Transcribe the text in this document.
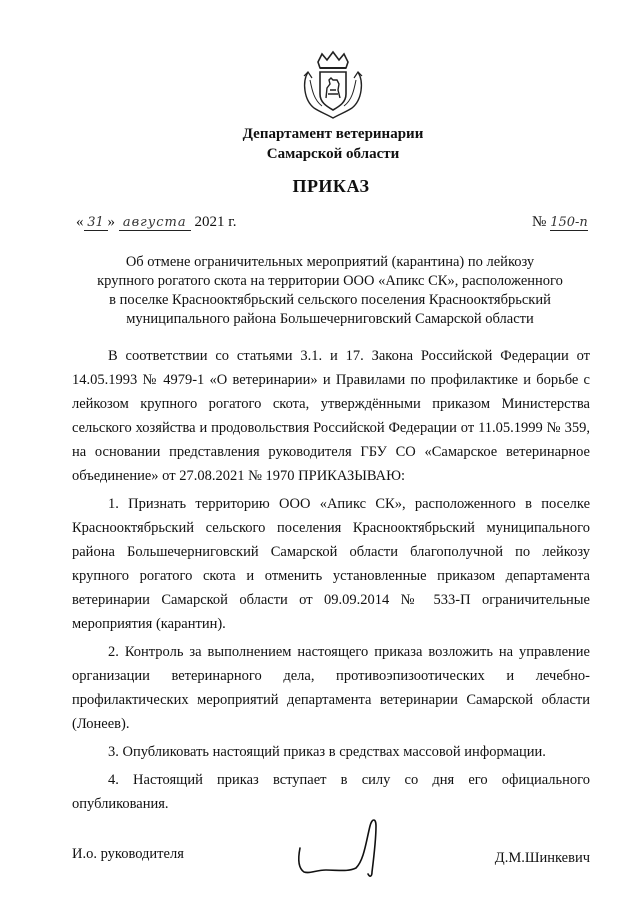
Департамент ветеринарии
Самарской области
ПРИКАЗ
« 31 » августа 2021 г.	№ 150-п
Об отмене ограничительных мероприятий (карантина) по лейкозу
крупного рогатого скота на территории ООО «Апикс СК», расположенного
в поселке Краснооктябрьский сельского поселения Краснооктябрьский
муниципального района Большечерниговский Самарской области

В соответствии со статьями 3.1. и 17. Закона Российской Федерации от 14.05.1993 № 4979-1 «О ветеринарии» и Правилами по профилактике и борьбе с лейкозом крупного рогатого скота, утверждёнными приказом Министерства сельского хозяйства и продовольствия Российской Федерации от 11.05.1999 № 359, на основании представления руководителя ГБУ СО «Самарское ветеринарное объединение» от 27.08.2021 № 1970 ПРИКАЗЫВАЮ:

1. Признать территорию ООО «Апикс СК», расположенного в поселке Краснооктябрьский сельского поселения Краснооктябрьский муниципального района Большечерниговский Самарской области благополучной по лейкозу крупного рогатого скота и отменить установленные приказом департамента ветеринарии Самарской области от 09.09.2014 № 533-П ограничительные мероприятия (карантин).

2. Контроль за выполнением настоящего приказа возложить на управление организации ветеринарного дела, противоэпизоотических и лечебно-профилактических мероприятий департамента ветеринарии Самарской области (Лонеев).

3. Опубликовать настоящий приказ в средствах массовой информации.

4. Настоящий приказ вступает в силу со дня его официального опубликования.

И.о. руководителя	Д.М.Шинкевич
